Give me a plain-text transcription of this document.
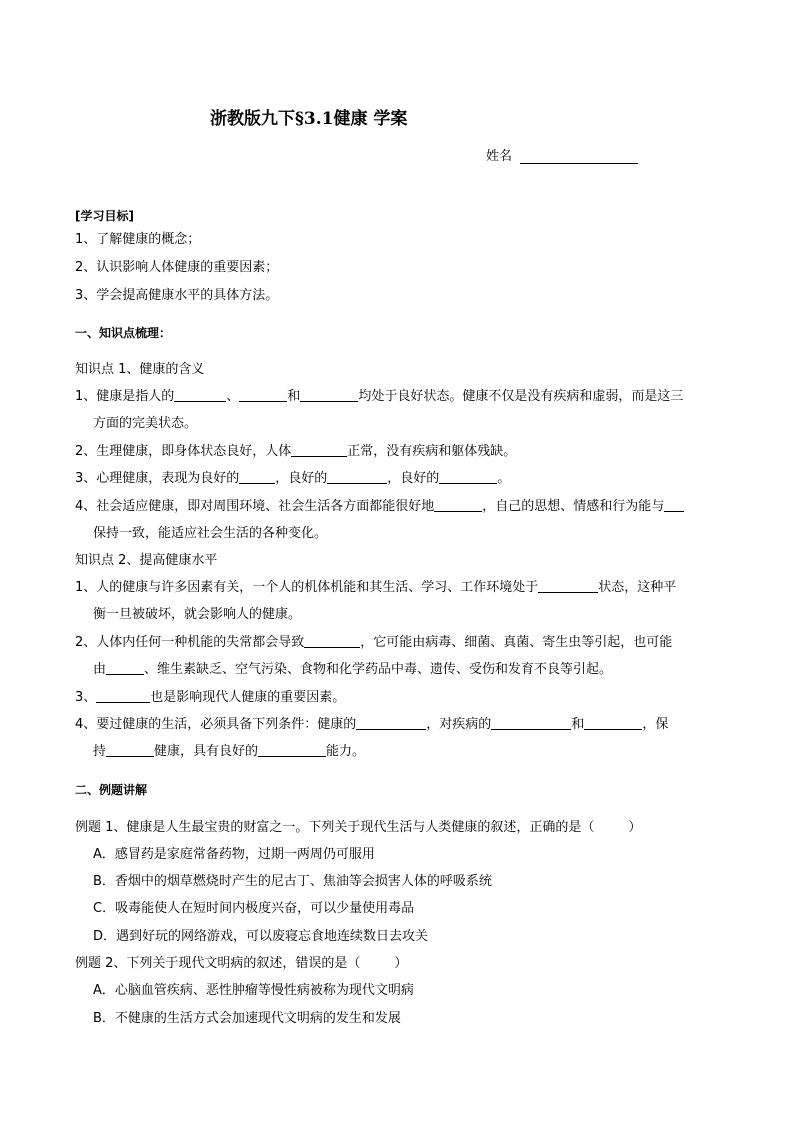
浙教版九下§3.1健康 学案
姓名
[学习目标]
1、了解健康的概念；
2、认识影响人体健康的重要因素；
3、学会提高健康水平的具体方法。
一、知识点梳理：
知识点 1、健康的含义
1、健康是指人的	、	和	均处于良好状态。健康不仅是没有疾病和虚弱，而是这三
方面的完美状态。
2、生理健康，即身体状态良好，人体	正常，没有疾病和躯体残缺。
3、心理健康，表现为良好的	，良好的	，良好的	。
4、社会适应健康，即对周围环境、社会生活各方面都能很好地	，自己的思想、情感和行为能与
保持一致，能适应社会生活的各种变化。
知识点 2、提高健康水平
1、人的健康与许多因素有关，一个人的机体机能和其生活、学习、工作环境处于	状态，这种平
衡一旦被破坏，就会影响人的健康。
2、人体内任何一种机能的失常都会导致	，它可能由病毒、细菌、真菌、寄生虫等引起，也可能
由	、维生素缺乏、空气污染、食物和化学药品中毒、遗传、受伤和发育不良等引起。
3、	也是影响现代人健康的重要因素。
4、要过健康的生活，必须具备下列条件：健康的	，对疾病的	和	，保
持	健康，具有良好的	能力。
二、例题讲解
例题 1、健康是人生最宝贵的财富之一。下列关于现代生活与人类健康的叙述，正确的是（	）
A．感冒药是家庭常备药物，过期一两周仍可服用
B．香烟中的烟草燃烧时产生的尼古丁、焦油等会损害人体的呼吸系统
C．吸毒能使人在短时间内极度兴奋，可以少量使用毒品
D．遇到好玩的网络游戏，可以废寝忘食地连续数日去攻关
例题 2、下列关于现代文明病的叙述，错误的是（	）
A．心脑血管疾病、恶性肿瘤等慢性病被称为现代文明病
B．不健康的生活方式会加速现代文明病的发生和发展
